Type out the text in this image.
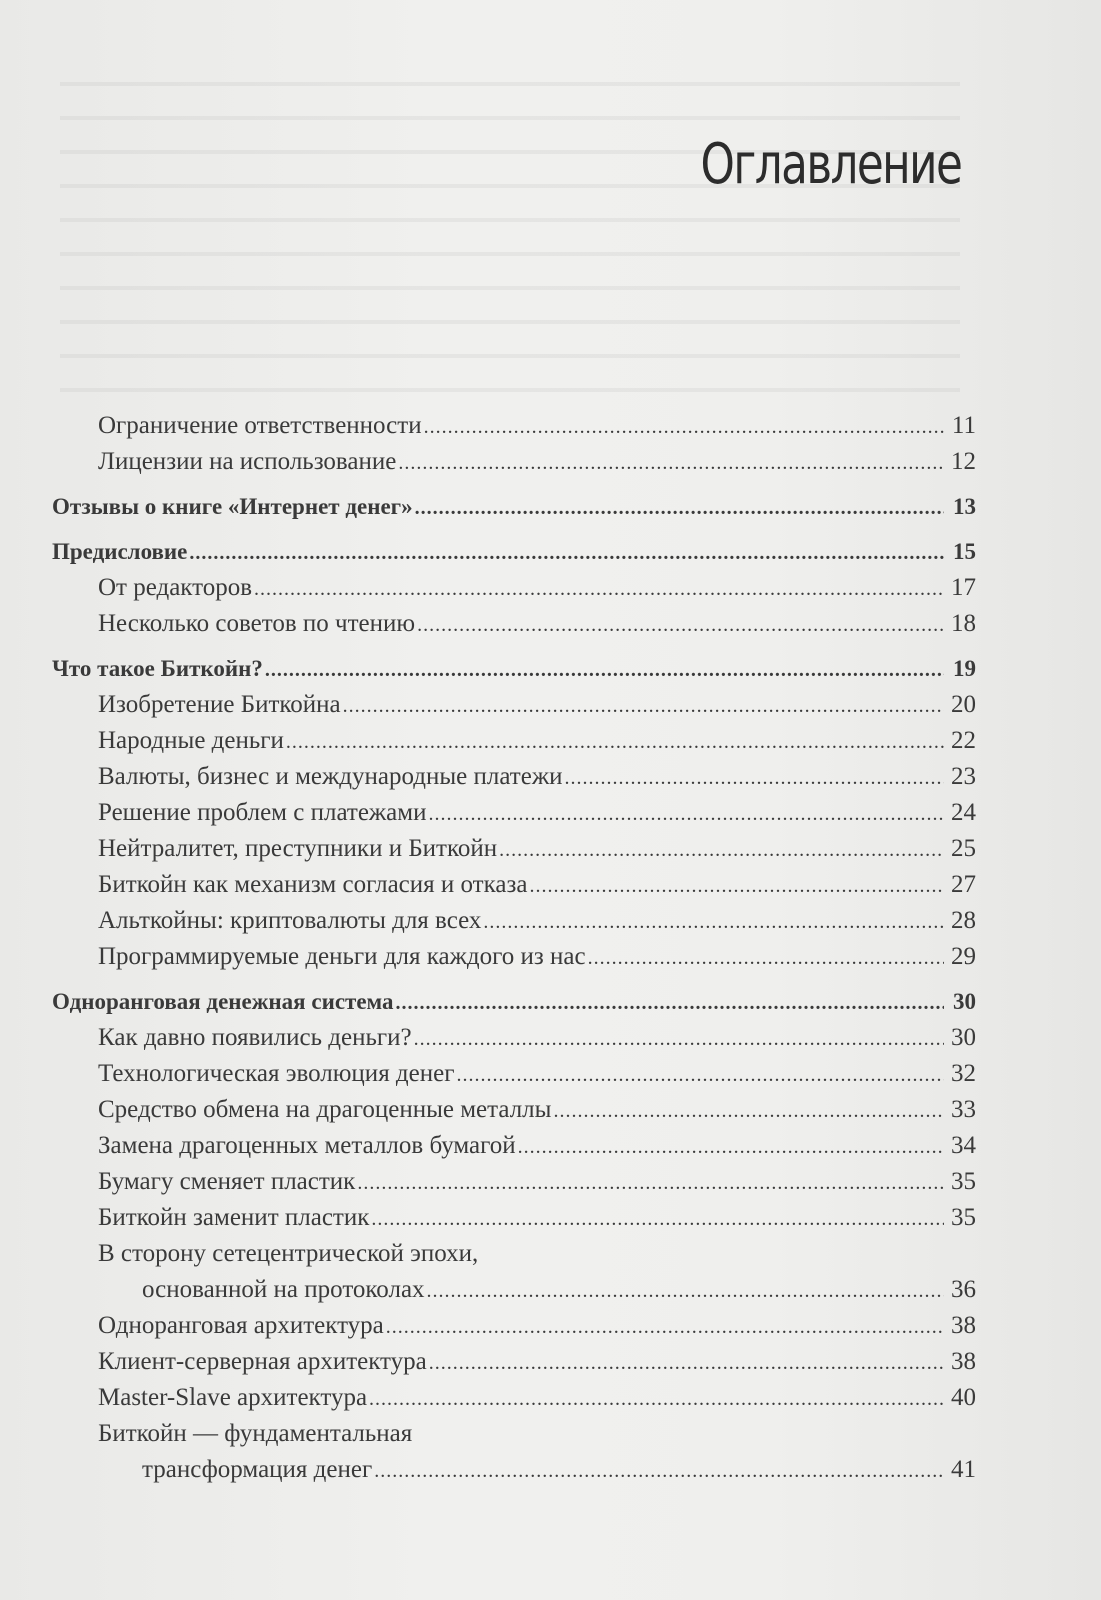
Оглавление
Ограничение ответственности .....	11
Лицензии на использование .....	12
Отзывы о книге «Интернет денег» .....	13
Предисловие .....	15
От редакторов .....	17
Несколько советов по чтению .....	18
Что такое Биткойн? .....	19
Изобретение Биткойна .....	20
Народные деньги .....	22
Валюты, бизнес и международные платежи .....	23
Решение проблем с платежами .....	24
Нейтралитет, преступники и Биткойн .....	25
Биткойн как механизм согласия и отказа .....	27
Альткойны: криптовалюты для всех .....	28
Программируемые деньги для каждого из нас .....	29
Одноранговая денежная система .....	30
Как давно появились деньги? .....	30
Технологическая эволюция денег .....	32
Средство обмена на драгоценные металлы .....	33
Замена драгоценных металлов бумагой .....	34
Бумагу сменяет пластик .....	35
Биткойн заменит пластик .....	35
В сторону сетецентрической эпохи,
основанной на протоколах .....	36
Одноранговая архитектура .....	38
Клиент-серверная архитектура .....	38
Master-Slave архитектура .....	40
Биткойн — фундаментальная
трансформация денег .....	41
